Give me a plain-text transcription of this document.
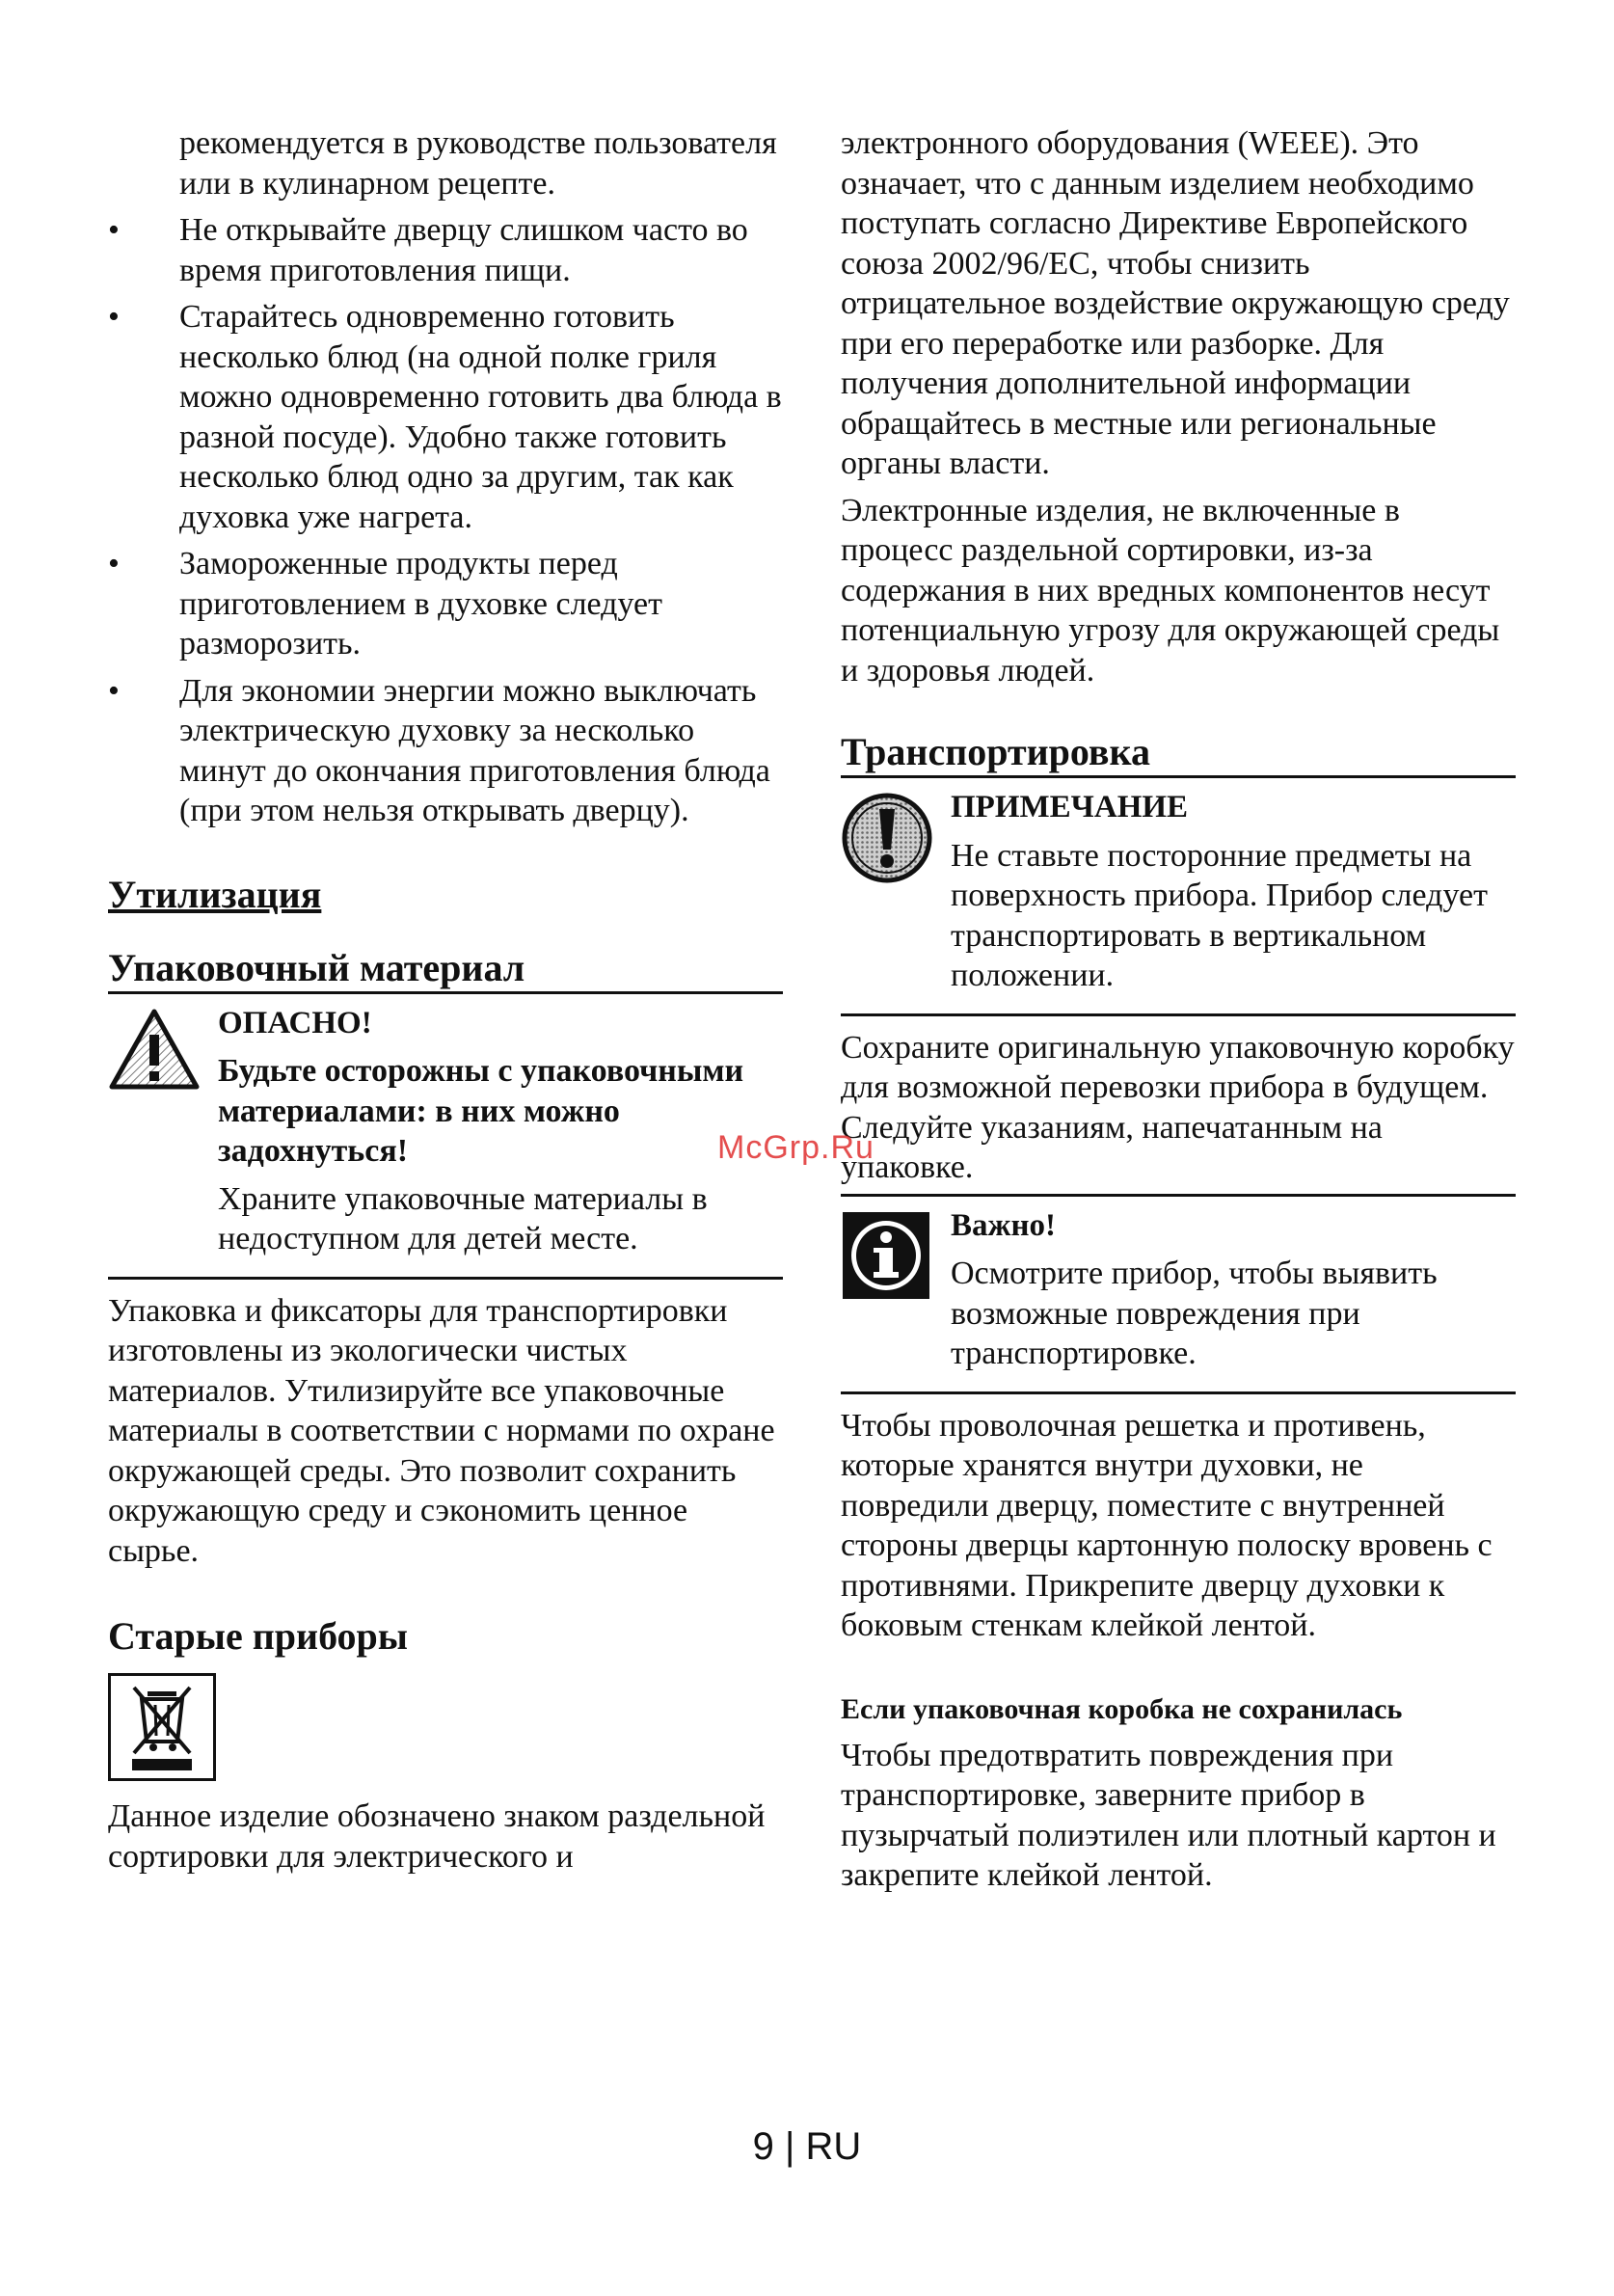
рекомендуется в руководстве пользователя или в кулинарном рецепте.

• Не открывайте дверцу слишком часто во время приготовления пищи.
• Старайтесь одновременно готовить несколько блюд (на одной полке гриля можно одновременно готовить два блюда в разной посуде). Удобно также готовить несколько блюд одно за другим, так как духовка уже нагрета.
• Замороженные продукты перед приготовлением в духовке следует разморозить.
• Для экономии энергии можно выключать электрическую духовку за несколько минут до окончания приготовления блюда (при этом нельзя открывать дверцу).
Утилизация
Упаковочный материал
ОПАСНО!
Будьте осторожны с упаковочными материалами: в них можно задохнуться!
Храните упаковочные материалы в недоступном для детей месте.

Упаковка и фиксаторы для транспортировки изготовлены из экологически чистых материалов. Утилизируйте все упаковочные материалы в соответствии с нормами по охране окружающей среды. Это позволит сохранить окружающую среду и сэкономить ценное сырье.

Старые приборы

Данное изделие обозначено знаком раздельной сортировки для электрического и

электронного оборудования (WEEE). Это означает, что с данным изделием необходимо поступать согласно Директиве Европейского союза 2002/96/ЕС, чтобы снизить отрицательное воздействие окружающую среду при его переработке или разборке. Для получения дополнительной информации обращайтесь в местные или региональные органы власти.

Электронные изделия, не включенные в процесс раздельной сортировки, из-за содержания в них вредных компонентов несут потенциальную угрозу для окружающей среды и здоровья людей.

Транспортировка
ПРИМЕЧАНИЕ
Не ставьте посторонние предметы на поверхность прибора. Прибор следует транспортировать в вертикальном положении.

Сохраните оригинальную упаковочную коробку для возможной перевозки прибора в будущем. Следуйте указаниям, напечатанным на упаковке.

Важно!
Осмотрите прибор, чтобы выявить возможные повреждения при транспортировке.

Чтобы проволочная решетка и противень, которые хранятся внутри духовки, не повредили дверцу, поместите с внутренней стороны дверцы картонную полоску вровень с противнями. Прикрепите дверцу духовки к боковым стенкам клейкой лентой.

Если упаковочная коробка не сохранилась

Чтобы предотвратить повреждения при транспортировке, заверните прибор в пузырчатый полиэтилен или плотный картон и закрепите клейкой лентой.

McGrp.Ru
9 | RU
